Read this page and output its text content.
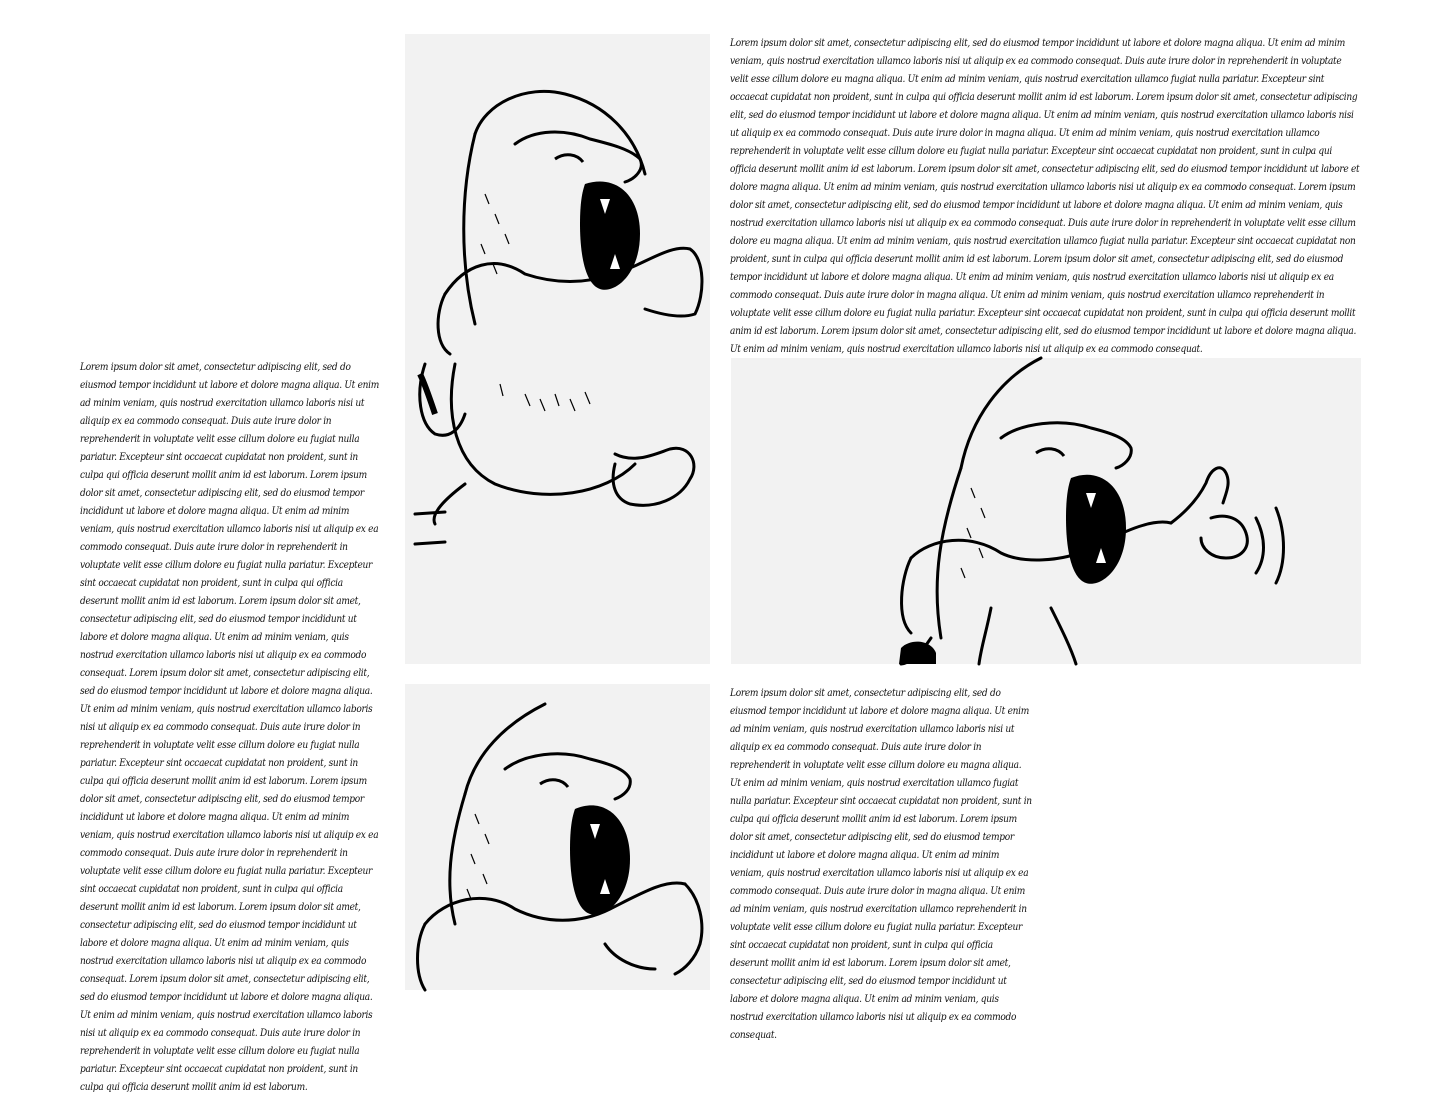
Lorem ipsum dolor sit amet, consectetur adipiscing elit, sed do eiusmod tempor incididunt ut labore et dolore magna aliqua. Ut enim ad minim veniam, quis nostrud exercitation ullamco laboris nisi ut aliquip ex ea commodo consequat. Duis aute irure dolor in reprehenderit in voluptate velit esse cillum dolore eu fugiat nulla pariatur. Excepteur sint occaecat cupidatat non proident, sunt in culpa qui officia deserunt mollit anim id est laborum. Lorem ipsum dolor sit amet, consectetur adipiscing elit, sed do eiusmod tempor incididunt ut labore et dolore magna aliqua. Ut enim ad minim veniam, quis nostrud exercitation ullamco laboris nisi ut aliquip ex ea commodo consequat. Duis aute irure dolor in reprehenderit in voluptate velit esse cillum dolore eu fugiat nulla pariatur. Excepteur sint occaecat cupidatat non proident, sunt in culpa qui officia deserunt mollit anim id est laborum. Lorem ipsum dolor sit amet, consectetur adipiscing elit, sed do eiusmod tempor incididunt ut labore et dolore magna aliqua. Ut enim ad minim veniam, quis nostrud exercitation ullamco laboris nisi ut aliquip ex ea commodo consequat. Lorem ipsum dolor sit amet, consectetur adipiscing elit, sed do eiusmod tempor incididunt ut labore et dolore magna aliqua. Ut enim ad minim veniam, quis nostrud exercitation ullamco laboris nisi ut aliquip ex ea commodo consequat. Duis aute irure dolor in reprehenderit in voluptate velit esse cillum dolore eu fugiat nulla pariatur. Excepteur sint occaecat cupidatat non proident, sunt in culpa qui officia deserunt mollit anim id est laborum. Lorem ipsum dolor sit amet, consectetur adipiscing elit, sed do eiusmod tempor incididunt ut labore et dolore magna aliqua. Ut enim ad minim veniam, quis nostrud exercitation ullamco laboris nisi ut aliquip ex ea commodo consequat. Duis aute irure dolor in reprehenderit in voluptate velit esse cillum dolore eu fugiat nulla pariatur. Excepteur sint occaecat cupidatat non proident, sunt in culpa qui officia deserunt mollit anim id est laborum. Lorem ipsum dolor sit amet, consectetur adipiscing elit, sed do eiusmod tempor incididunt ut labore et dolore magna aliqua. Ut enim ad minim veniam, quis nostrud exercitation ullamco laboris nisi ut aliquip ex ea commodo consequat. Lorem ipsum dolor sit amet, consectetur adipiscing elit, sed do eiusmod tempor incididunt ut labore et dolore magna aliqua. Ut enim ad minim veniam, quis nostrud exercitation ullamco laboris nisi ut aliquip ex ea commodo consequat. Duis aute irure dolor in reprehenderit in voluptate velit esse cillum dolore eu fugiat nulla pariatur. Excepteur sint occaecat cupidatat non proident, sunt in culpa qui officia deserunt mollit anim id est laborum.

Lorem ipsum dolor sit amet, consectetur adipiscing elit, sed do eiusmod tempor incididunt ut labore et dolore magna aliqua. Ut enim ad minim veniam, quis nostrud exercitation ullamco laboris nisi ut aliquip ex ea commodo consequat. Duis aute irure dolor in reprehenderit in voluptate velit esse cillum dolore eu magna aliqua. Ut enim ad minim veniam, quis nostrud exercitation ullamco fugiat nulla pariatur. Excepteur sint occaecat cupidatat non proident, sunt in culpa qui officia deserunt mollit anim id est laborum. Lorem ipsum dolor sit amet, consectetur adipiscing elit, sed do eiusmod tempor incididunt ut labore et dolore magna aliqua. Ut enim ad minim veniam, quis nostrud exercitation ullamco laboris nisi ut aliquip ex ea commodo consequat. Duis aute irure dolor in magna aliqua. Ut enim ad minim veniam, quis nostrud exercitation ullamco reprehenderit in voluptate velit esse cillum dolore eu fugiat nulla pariatur. Excepteur sint occaecat cupidatat non proident, sunt in culpa qui officia deserunt mollit anim id est laborum. Lorem ipsum dolor sit amet, consectetur adipiscing elit, sed do eiusmod tempor incididunt ut labore et dolore magna aliqua. Ut enim ad minim veniam, quis nostrud exercitation ullamco laboris nisi ut aliquip ex ea commodo consequat. Lorem ipsum dolor sit amet, consectetur adipiscing elit, sed do eiusmod tempor incididunt ut labore et dolore magna aliqua. Ut enim ad minim veniam, quis nostrud exercitation ullamco laboris nisi ut aliquip ex ea commodo consequat. Duis aute irure dolor in reprehenderit in voluptate velit esse cillum dolore eu magna aliqua. Ut enim ad minim veniam, quis nostrud exercitation ullamco fugiat nulla pariatur. Excepteur sint occaecat cupidatat non proident, sunt in culpa qui officia deserunt mollit anim id est laborum. Lorem ipsum dolor sit amet, consectetur adipiscing elit, sed do eiusmod tempor incididunt ut labore et dolore magna aliqua. Ut enim ad minim veniam, quis nostrud exercitation ullamco laboris nisi ut aliquip ex ea commodo consequat. Duis aute irure dolor in magna aliqua. Ut enim ad minim veniam, quis nostrud exercitation ullamco reprehenderit in voluptate velit esse cillum dolore eu fugiat nulla pariatur. Excepteur sint occaecat cupidatat non proident, sunt in culpa qui officia deserunt mollit anim id est laborum. Lorem ipsum dolor sit amet, consectetur adipiscing elit, sed do eiusmod tempor incididunt ut labore et dolore magna aliqua. Ut enim ad minim veniam, quis nostrud exercitation ullamco laboris nisi ut aliquip ex ea commodo consequat.

Lorem ipsum dolor sit amet, consectetur adipiscing elit, sed do eiusmod tempor incididunt ut labore et dolore magna aliqua. Ut enim ad minim veniam, quis nostrud exercitation ullamco laboris nisi ut aliquip ex ea commodo consequat. Duis aute irure dolor in reprehenderit in voluptate velit esse cillum dolore eu magna aliqua. Ut enim ad minim veniam, quis nostrud exercitation ullamco fugiat nulla pariatur. Excepteur sint occaecat cupidatat non proident, sunt in culpa qui officia deserunt mollit anim id est laborum. Lorem ipsum dolor sit amet, consectetur adipiscing elit, sed do eiusmod tempor incididunt ut labore et dolore magna aliqua. Ut enim ad minim veniam, quis nostrud exercitation ullamco laboris nisi ut aliquip ex ea commodo consequat. Duis aute irure dolor in magna aliqua. Ut enim ad minim veniam, quis nostrud exercitation ullamco reprehenderit in voluptate velit esse cillum dolore eu fugiat nulla pariatur. Excepteur sint occaecat cupidatat non proident, sunt in culpa qui officia deserunt mollit anim id est laborum. Lorem ipsum dolor sit amet, consectetur adipiscing elit, sed do eiusmod tempor incididunt ut labore et dolore magna aliqua. Ut enim ad minim veniam, quis nostrud exercitation ullamco laboris nisi ut aliquip ex ea commodo consequat.
